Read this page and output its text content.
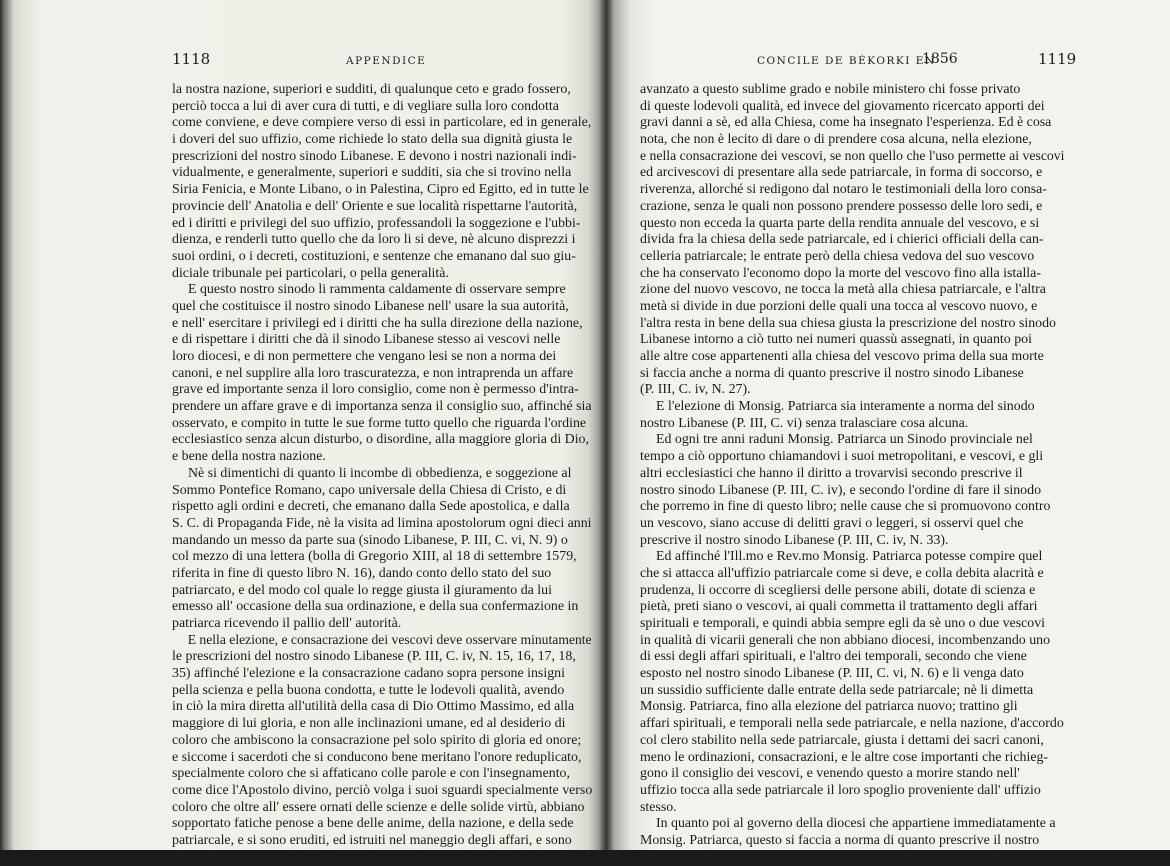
1118	APPENDICE
la nostra nazione, superiori e sudditi, di qualunque ceto e grado fossero,
perciò tocca a lui di aver cura di tutti, e di vegliare sulla loro condotta
come conviene, e deve compiere verso di essi in particolare, ed in generale,
i doveri del suo uffizio, come richiede lo stato della sua dignità giusta le
prescrizioni del nostro sinodo Libanese. E devono i nostri nazionali indi-
vidualmente, e generalmente, superiori e sudditi, sia che si trovino nella
Siria Fenicia, e Monte Libano, o in Palestina, Cipro ed Egitto, ed in tutte le
provincie dell' Anatolia e dell' Oriente e sue località rispettarne l'autorità,
ed i diritti e privilegi del suo uffizio, professandoli la soggezione e l'ubbi-
dienza, e renderli tutto quello che da loro li si deve, nè alcuno disprezzi i
suoi ordini, o i decreti, costituzioni, e sentenze che emanano dal suo giu-
diciale tribunale pei particolari, o pella generalità.
E questo nostro sinodo li rammenta caldamente di osservare sempre
quel che costituisce il nostro sinodo Libanese nell' usare la sua autorità,
e nell' esercitare i privilegi ed i diritti che ha sulla direzione della nazione,
e di rispettare i diritti che dà il sinodo Libanese stesso ai vescovi nelle
loro diocesi, e di non permettere che vengano lesi se non a norma dei
canoni, e nel supplire alla loro trascuratezza, e non intraprenda un affare
grave ed importante senza il loro consiglio, come non è permesso d'intra-
prendere un affare grave e di importanza senza il consiglio suo, affinché sia
osservato, e compito in tutte le sue forme tutto quello che riguarda l'ordine
ecclesiastico senza alcun disturbo, o disordine, alla maggiore gloria di Dio,
e bene della nostra nazione.
Nè si dimentichi di quanto li incombe di obbedienza, e soggezione al
Sommo Pontefice Romano, capo universale della Chiesa di Cristo, e di
rispetto agli ordini e decreti, che emanano dalla Sede apostolica, e dalla
S. C. di Propaganda Fide, nè la visita ad limina apostolorum ogni dieci anni
mandando un messo da parte sua (sinodo Libanese, P. III, C. vi, N. 9) o
col mezzo di una lettera (bolla di Gregorio XIII, al 18 di settembre 1579,
riferita in fine di questo libro N. 16), dando conto dello stato del suo
patriarcato, e del modo col quale lo regge giusta il giuramento da lui
emesso all' occasione della sua ordinazione, e della sua confermazione in
patriarca ricevendo il pallio dell' autorità.
E nella elezione, e consacrazione dei vescovi deve osservare minutamente
le prescrizioni del nostro sinodo Libanese (P. III, C. iv, N. 15, 16, 17, 18,
35) affinché l'elezione e la consacrazione cadano sopra persone insigni
pella scienza e pella buona condotta, e tutte le lodevoli qualità, avendo
in ciò la mira diretta all'utilità della casa di Dio Ottimo Massimo, ed alla
maggiore di lui gloria, e non alle inclinazioni umane, ed al desiderio di
coloro che ambiscono la consacrazione pel solo spirito di gloria ed onore;
e siccome i sacerdoti che si conducono bene meritano l'onore reduplicato,
specialmente coloro che si affaticano colle parole e con l'insegnamento,
come dice l'Apostolo divino, perciò volga i suoi sguardi specialmente verso
coloro che oltre all' essere ornati delle scienze e delle solide virtù, abbiano
sopportato fatiche penose a bene delle anime, della nazione, e della sede
patriarcale, e si sono eruditi, ed istruiti nel maneggio degli affari, e sono
divenuti capaci a servire come si deve la Chiesa di Dio, onde non venga
CONCILE DE BÉKORKI EN
1856	1119
avanzato a questo sublime grado e nobile ministero chi fosse privato
di queste lodevoli qualità, ed invece del giovamento ricercato apporti dei
gravi danni a sè, ed alla Chiesa, come ha insegnato l'esperienza. Ed è cosa
nota, che non è lecito di dare o di prendere cosa alcuna, nella elezione,
e nella consacrazione dei vescovi, se non quello che l'uso permette ai vescovi
ed arcivescovi di presentare alla sede patriarcale, in forma di soccorso, e
riverenza, allorché si redigono dal notaro le testimoniali della loro consa-
crazione, senza le quali non possono prendere possesso delle loro sedi, e
questo non ecceda la quarta parte della rendita annuale del vescovo, e si
divida fra la chiesa della sede patriarcale, ed i chierici officiali della can-
celleria patriarcale; le entrate però della chiesa vedova del suo vescovo
che ha conservato l'economo dopo la morte del vescovo fino alla istalla-
zione del nuovo vescovo, ne tocca la metà alla chiesa patriarcale, e l'altra
metà si divide in due porzioni delle quali una tocca al vescovo nuovo, e
l'altra resta in bene della sua chiesa giusta la prescrizione del nostro sinodo
Libanese intorno a ciò tutto nei numeri quassù assegnati, in quanto poi
alle altre cose appartenenti alla chiesa del vescovo prima della sua morte
si faccia anche a norma di quanto prescrive il nostro sinodo Libanese
(P. III, C. iv, N. 27).
E l'elezione di Monsig. Patriarca sia interamente a norma del sinodo
nostro Libanese (P. III, C. vi) senza tralasciare cosa alcuna.
Ed ogni tre anni raduni Monsig. Patriarca un Sinodo provinciale nel
tempo a ciò opportuno chiamandovi i suoi metropolitani, e vescovi, e gli
altri ecclesiastici che hanno il diritto a trovarvisi secondo prescrive il
nostro sinodo Libanese (P. III, C. iv), e secondo l'ordine di fare il sinodo
che porremo in fine di questo libro; nelle cause che si promuovono contro
un vescovo, siano accuse di delitti gravi o leggeri, si osservi quel che
prescrive il nostro sinodo Libanese (P. III, C. iv, N. 33).
Ed affinché l'Ill.mo e Rev.mo Monsig. Patriarca potesse compire quel
che si attacca all'uffizio patriarcale come si deve, e colla debita alacrità e
prudenza, li occorre di scegliersi delle persone abili, dotate di scienza e
pietà, preti siano o vescovi, ai quali commetta il trattamento degli affari
spirituali e temporali, e quindi abbia sempre egli da sè uno o due vescovi
in qualità di vicarii generali che non abbiano diocesi, incombenzando uno
di essi degli affari spirituali, e l'altro dei temporali, secondo che viene
esposto nel nostro sinodo Libanese (P. III, C. vi, N. 6) e li venga dato
un sussidio sufficiente dalle entrate della sede patriarcale; nè li dimetta
Monsig. Patriarca, fino alla elezione del patriarca nuovo; trattino gli
affari spirituali, e temporali nella sede patriarcale, e nella nazione, d'accordo
col clero stabilito nella sede patriarcale, giusta i dettami dei sacri canoni,
meno le ordinazioni, consacrazioni, e le altre cose importanti che richieg-
gono il consiglio dei vescovi, e venendo questo a morire stando nell'
uffizio tocca alla sede patriarcale il loro spoglio proveniente dall' uffizio
stesso.
In quanto poi al governo della diocesi che appartiene immediatamente a
Monsig. Patriarca, questo si faccia a norma di quanto prescrive il nostro
sinodo Libanese (P. III, C. iv) del modo in cui i metropolitani ed i vescovi
